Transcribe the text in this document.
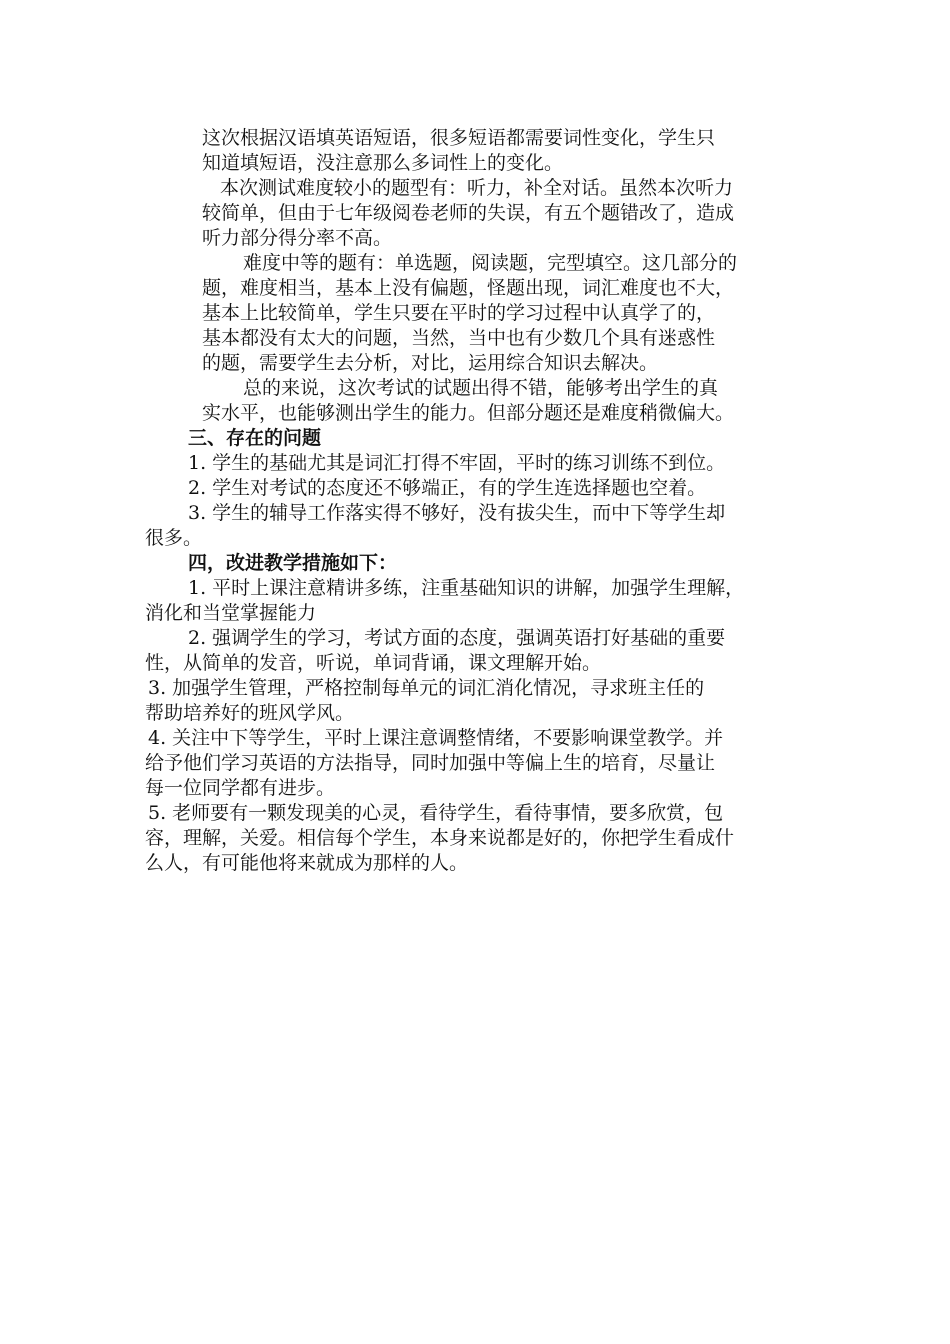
这次根据汉语填英语短语，很多短语都需要词性变化，学生只
知道填短语，没注意那么多词性上的变化。
本次测试难度较小的题型有：听力，补全对话。虽然本次听力
较简单，但由于七年级阅卷老师的失误，有五个题错改了，造成
听力部分得分率不高。
难度中等的题有：单选题，阅读题，完型填空。这几部分的
题，难度相当，基本上没有偏题，怪题出现，词汇难度也不大，
基本上比较简单，学生只要在平时的学习过程中认真学了的，
基本都没有太大的问题，当然，当中也有少数几个具有迷惑性
的题，需要学生去分析，对比，运用综合知识去解决。
总的来说，这次考试的试题出得不错，能够考出学生的真
实水平，也能够测出学生的能力。但部分题还是难度稍微偏大。
三、存在的问题
1. 学生的基础尤其是词汇打得不牢固，平时的练习训练不到位。
2. 学生对考试的态度还不够端正，有的学生连选择题也空着。
3. 学生的辅导工作落实得不够好，没有拔尖生，而中下等学生却
很多。
四，改进教学措施如下：
1. 平时上课注意精讲多练，注重基础知识的讲解，加强学生理解，
消化和当堂掌握能力
2. 强调学生的学习，考试方面的态度，强调英语打好基础的重要
性，从简单的发音，听说，单词背诵，课文理解开始。
3. 加强学生管理，严格控制每单元的词汇消化情况，寻求班主任的
帮助培养好的班风学风。
4. 关注中下等学生，平时上课注意调整情绪，不要影响课堂教学。并
给予他们学习英语的方法指导，同时加强中等偏上生的培育，尽量让
每一位同学都有进步。
5. 老师要有一颗发现美的心灵，看待学生，看待事情，要多欣赏，包
容，理解，关爱。相信每个学生，本身来说都是好的，你把学生看成什
么人，有可能他将来就成为那样的人。
